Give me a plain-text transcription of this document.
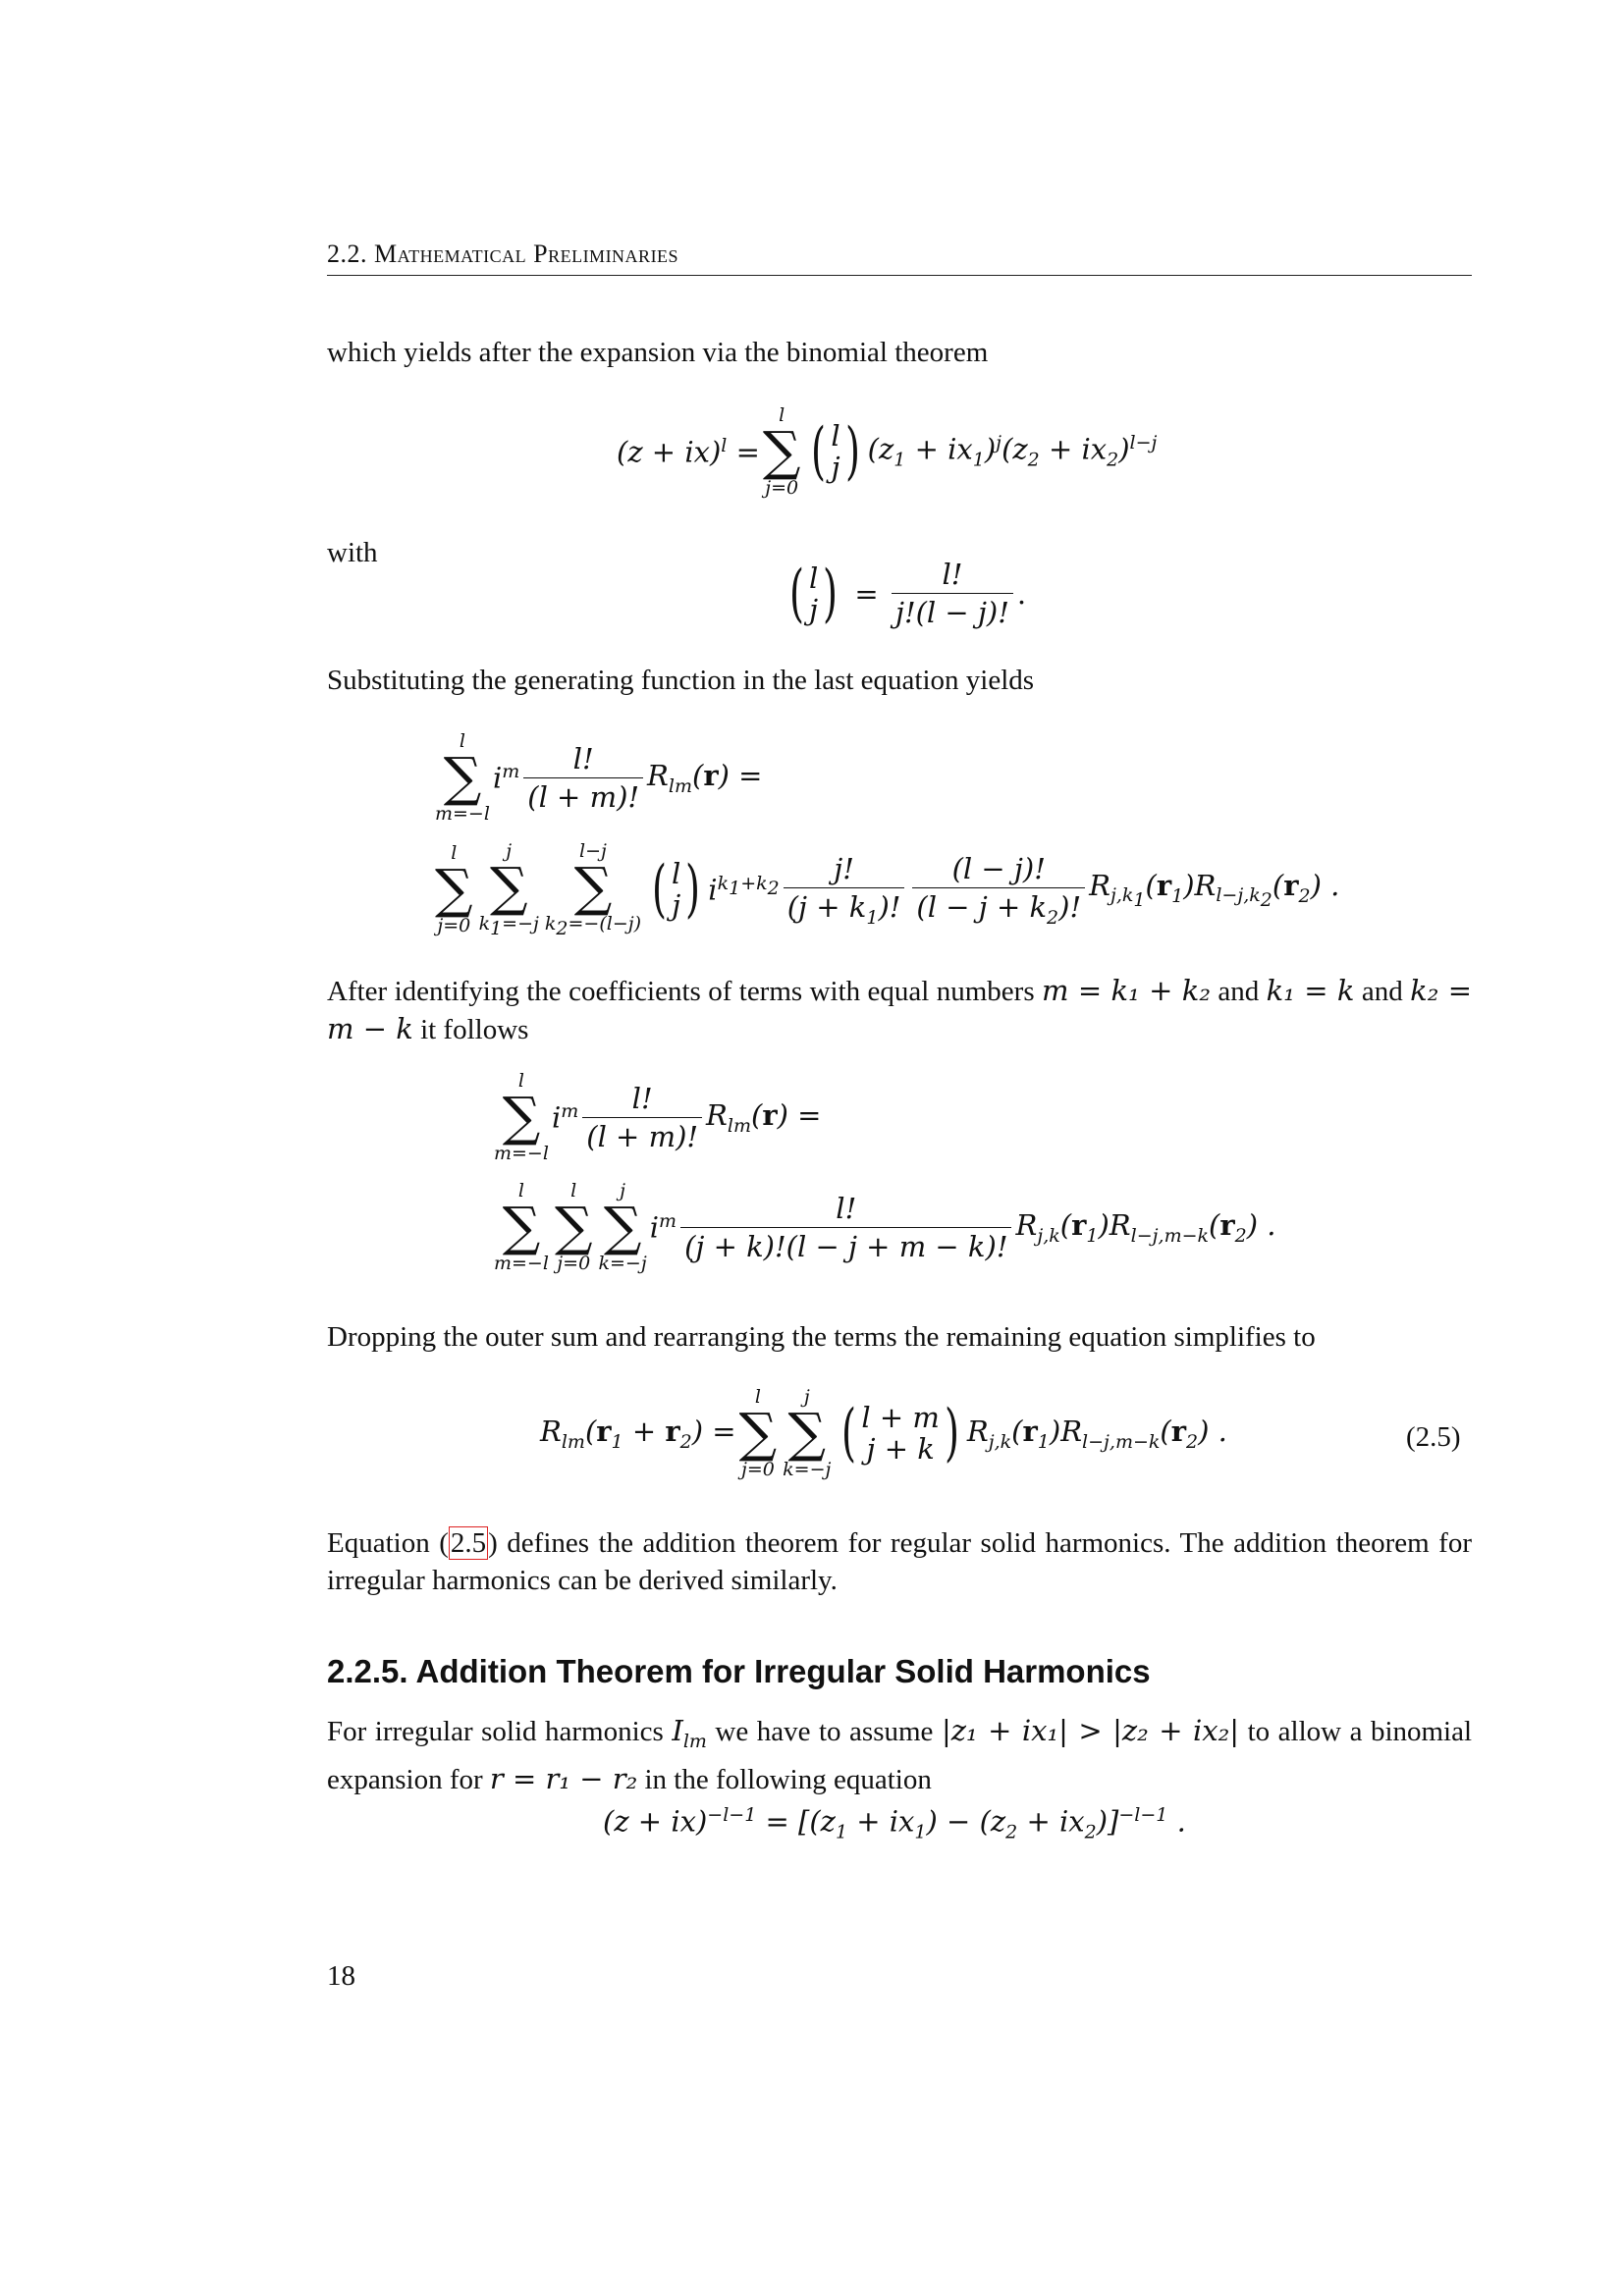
2.2. Mathematical Preliminaries
which yields after the expansion via the binomial theorem
(z + ix)$^l$ =
l
∑
j=0 ( l
j ) $(z_1 + ix_1)^j(z_2 + ix_2)^{l-j}$
with
( l
j ) = $\frac{l!}{j!(l - j)!}$ .
Substituting the generating function in the last equation yields
l
∑
m=−l
$i^m \frac{l!}{(l + m)!} R_{lm}(r)$ =
l
∑
j=0
j
∑
$k_1=-j$
l−j
∑
$k_2=-(l-j)$ ( l
j ) $i^{k_1+k_2} \frac{j!}{(j + k_1)!} \frac{(l - j)!}{(l - j + k_2)!} R_{j,k_1}(r_1)R_{l-j,k_2}(r_2)$ .
After identifying the coefficients of terms with equal numbers m = k₁ + k₂ and k₁ = k and k₂ = m − k it follows
l
∑
m=−l
$i^m \frac{l!}{(l + m)!} R_{lm}(r)$ =
l
∑
m=−l
l
∑
j=0
j
∑
k=−j
$i^m \frac{l!}{(j + k)!(l - j + m - k)!} R_{j,k}(r_1)R_{l-j,m-k}(r_2)$ .
Dropping the outer sum and rearranging the terms the remaining equation simplifies to
$R_{lm}(r_1 + r_2)$ =
l
∑
j=0
j
∑
k=−j ( l + m
j + k ) $R_{j,k}(r_1)R_{l-j,m-k}(r_2)$ .	(2.5)
Equation (2.5) defines the addition theorem for regular solid harmonics. The addition theorem for irregular harmonics can be derived similarly.
2.2.5. Addition Theorem for Irregular Solid Harmonics
For irregular solid harmonics $I_{lm}$ we have to assume |z₁ + ix₁| > |z₂ + ix₂| to allow a binomial expansion for r = r₁ − r₂ in the following equation
$(z + ix)^{-l-1} = [(z_1 + ix_1) - (z_2 + ix_2)]^{-l-1}$ .
18
